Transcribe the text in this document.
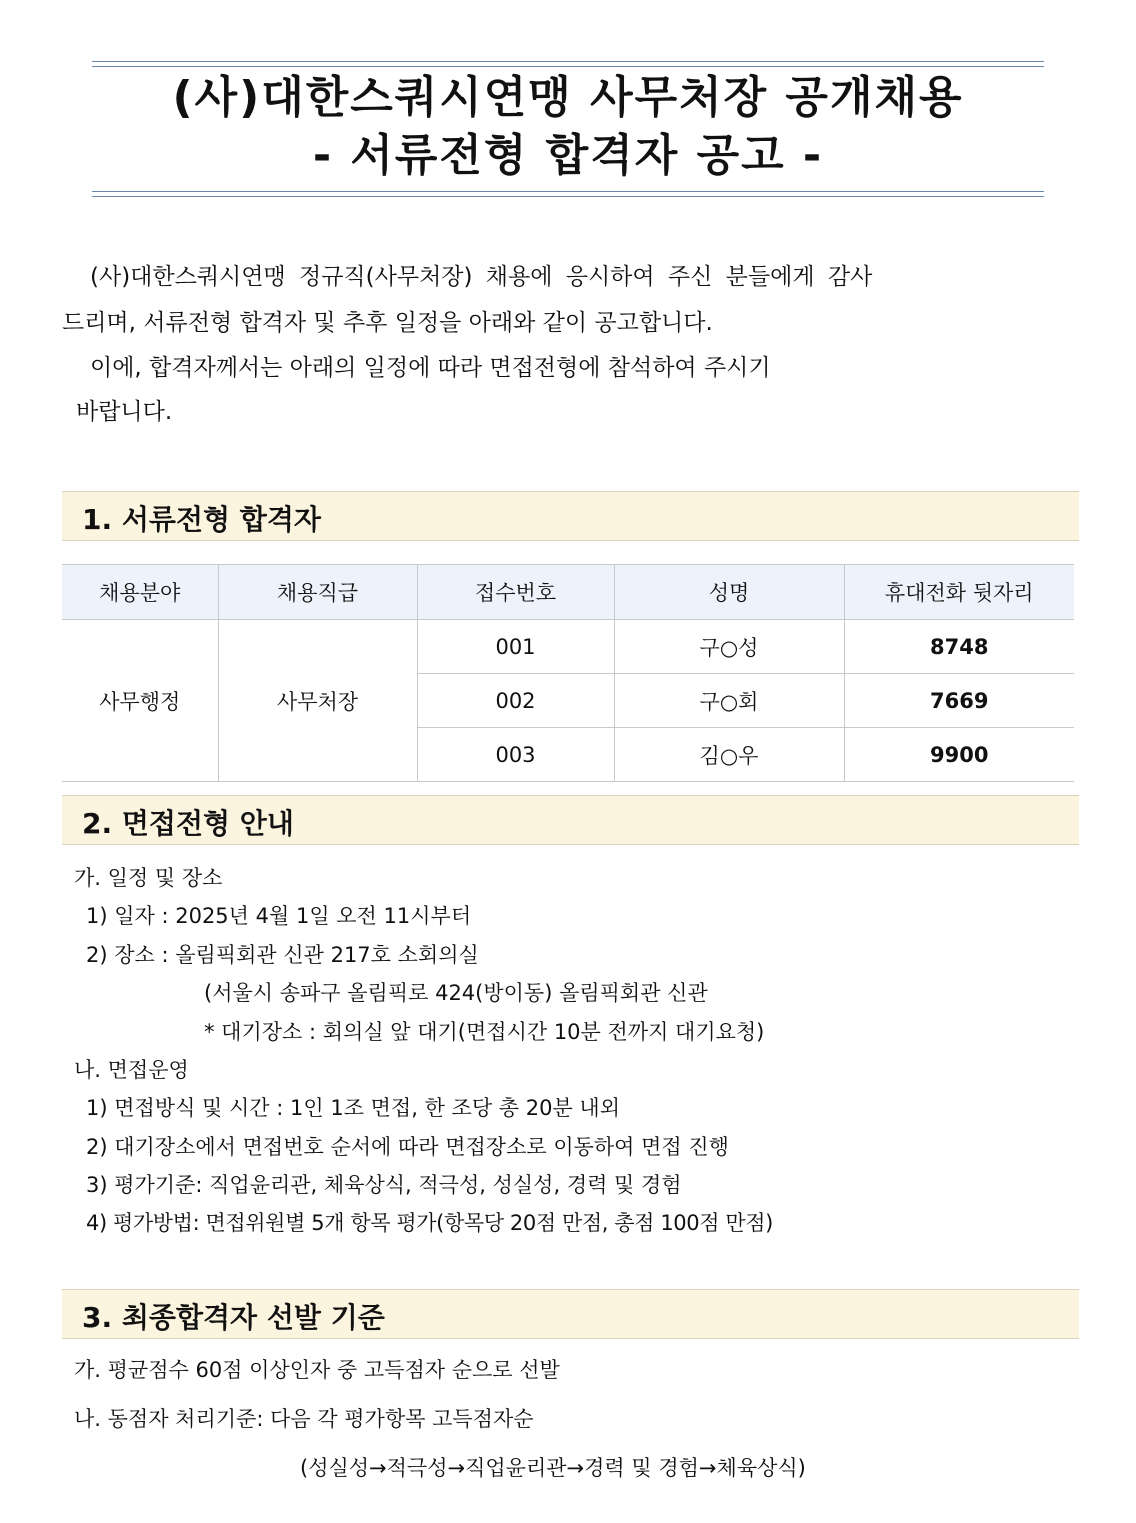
(사)대한스쿼시연맹 사무처장 공개채용
- 서류전형 합격자 공고 -
(사)대한스쿼시연맹 정규직(사무처장) 채용에 응시하여 주신 분들에게 감사
드리며, 서류전형 합격자 및 추후 일정을 아래와 같이 공고합니다.
이에, 합격자께서는 아래의 일정에 따라 면접전형에 참석하여 주시기
바랍니다.
1. 서류전형 합격자
채용분야	채용직급	접수번호	성명	휴대전화 뒷자리
사무행정	사무처장	001	구○성	8748
		002	구○회	7669
		003	김○우	9900
2. 면접전형 안내
가. 일정 및 장소
1) 일자 : 2025년 4월 1일 오전 11시부터
2) 장소 : 올림픽회관 신관 217호 소회의실
(서울시 송파구 올림픽로 424(방이동) 올림픽회관 신관
* 대기장소 : 회의실 앞 대기(면접시간 10분 전까지 대기요청)
나. 면접운영
1) 면접방식 및 시간 : 1인 1조 면접, 한 조당 총 20분 내외
2) 대기장소에서 면접번호 순서에 따라 면접장소로 이동하여 면접 진행
3) 평가기준: 직업윤리관, 체육상식, 적극성, 성실성, 경력 및 경험
4) 평가방법: 면접위원별 5개 항목 평가(항목당 20점 만점, 총점 100점 만점)
3. 최종합격자 선발 기준
가. 평균점수 60점 이상인자 중 고득점자 순으로 선발
나. 동점자 처리기준: 다음 각 평가항목 고득점자순
(성실성→적극성→직업윤리관→경력 및 경험→체육상식)
